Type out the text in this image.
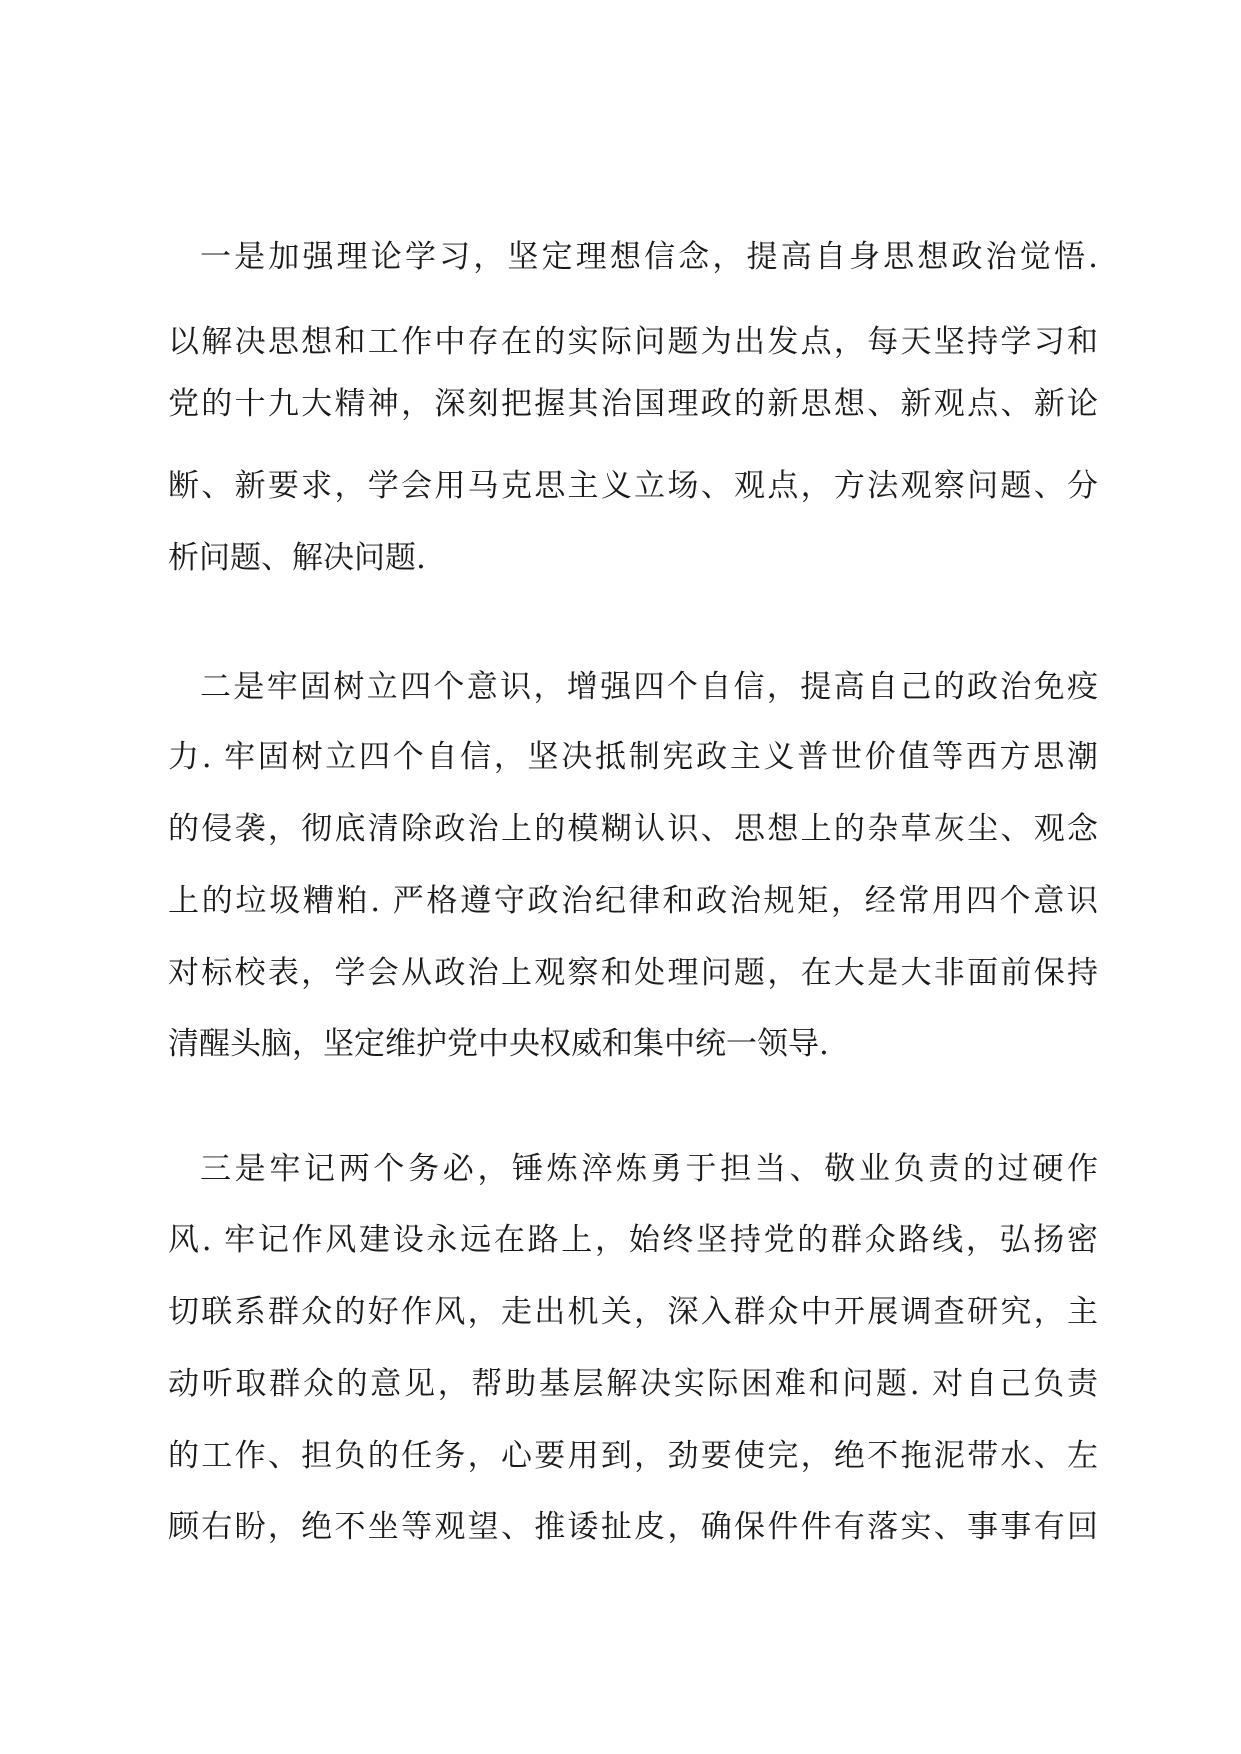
一是加强理论学习，坚定理想信念，提高自身思想政治觉悟.
以解决思想和工作中存在的实际问题为出发点，每天坚持学习和
党的十九大精神，深刻把握其治国理政的新思想、新观点、新论
断、新要求，学会用马克思主义立场、观点，方法观察问题、分
析问题、解决问题.
二是牢固树立四个意识，增强四个自信，提高自己的政治免疫
力. 牢固树立四个自信，坚决抵制宪政主义普世价值等西方思潮
的侵袭，彻底清除政治上的模糊认识、思想上的杂草灰尘、观念
上的垃圾糟粕. 严格遵守政治纪律和政治规矩，经常用四个意识
对标校表，学会从政治上观察和处理问题，在大是大非面前保持
清醒头脑，坚定维护党中央权威和集中统一领导.
三是牢记两个务必，锤炼淬炼勇于担当、敬业负责的过硬作
风. 牢记作风建设永远在路上，始终坚持党的群众路线，弘扬密
切联系群众的好作风，走出机关，深入群众中开展调查研究，主
动听取群众的意见，帮助基层解决实际困难和问题. 对自己负责
的工作、担负的任务，心要用到，劲要使完，绝不拖泥带水、左
顾右盼，绝不坐等观望、推诿扯皮，确保件件有落实、事事有回
